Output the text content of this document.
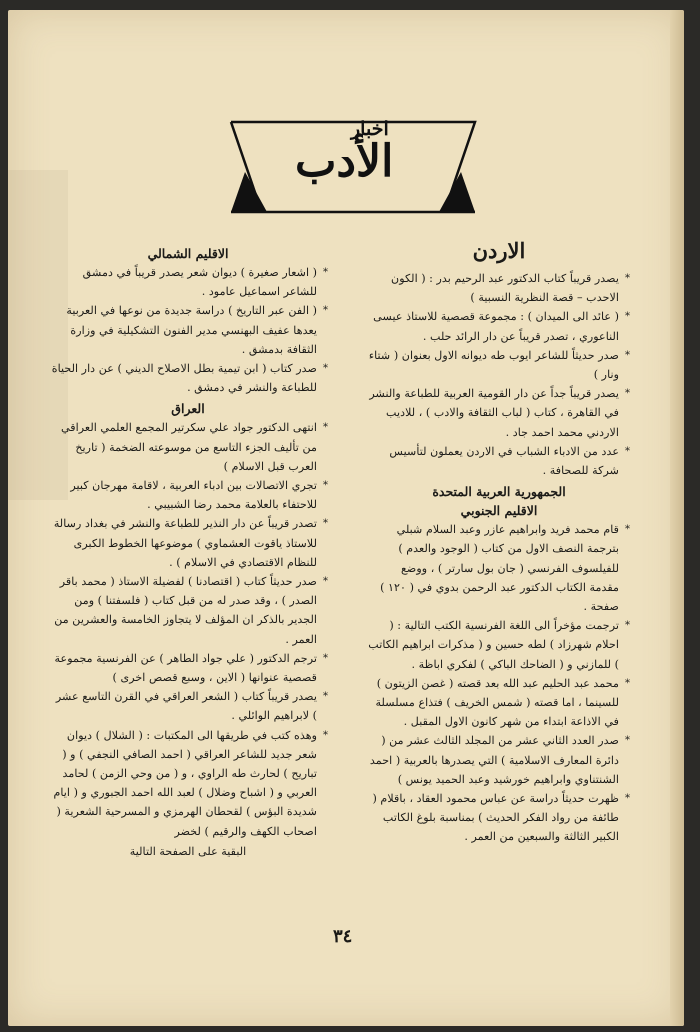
اخبار
الأدب
الاردن
*
يصدر قريباً كتاب الدكتور عبد الرحيم بدر : ( الكون الاحدب – قصة النظرية النسبية )
*
( عائد الى الميدان ) : مجموعة قصصية للاستاذ عيسى الناعوري ، تصدر قريباً عن دار الرائد حلب .
*
صدر حديثاً للشاعر ايوب طه ديوانه الاول بعنوان ( شتاء ونار )
*
يصدر قريباً جداً عن دار القومية العربية للطباعة والنشر في القاهرة ، كتاب ( لباب الثقافة والادب ) ، للاديب الاردني محمد احمد جاد .
*
عدد من الادباء الشباب في الاردن يعملون لتأسيس شركة للصحافة .
الجمهورية العربية المتحدة
الاقليم الجنوبي
*
قام محمد فريد وابراهيم عازر وعبد السلام شبلي بترجمة النصف الاول من كتاب ( الوجود والعدم ) للفيلسوف الفرنسي ( جان بول سارتر ) ، ووضع مقدمة الكتاب الدكتور عبد الرحمن بدوي في ( ١٢٠ ) صفحة .
*
ترجمت مؤخراً الى اللغة الفرنسية الكتب التالية : ( احلام شهرزاد ) لطه حسين و ( مذكرات ابراهيم الكاتب ) للمازني و ( الضاحك الباكي ) لفكري اباظة .
*
محمد عبد الحليم عبد الله بعد قصته ( غصن الزيتون ) للسينما ، اما قصته ( شمس الخريف ) فتذاع مسلسلة في الاذاعة ابتداء من شهر كانون الاول المقبل .
*
صدر العدد الثاني عشر من المجلد الثالث عشر من ( دائرة المعارف الاسلامية ) التي يصدرها بالعربية ( احمد الشنتناوي وابراهيم خورشيد وعبد الحميد يونس )
*
ظهرت حديثاً دراسة عن عباس محمود العقاد ، باقلام ( طائفة من رواد الفكر الحديث ) بمناسبة بلوغ الكاتب الكبير الثالثة والسبعين من العمر .
الاقليم الشمالي
*
( اشعار صغيرة ) ديوان شعر يصدر قريباً في دمشق للشاعر اسماعيل عامود .
*
( الفن عبر التاريخ ) دراسة جديدة من نوعها في العربية يعدها عفيف البهنسي مدير الفنون التشكيلية في وزارة الثقافة بدمشق .
*
صدر كتاب ( ابن تيمية بطل الاصلاح الديني ) عن دار الحياة للطباعة والنشر في دمشق .
العراق
*
انتهى الدكتور جواد علي سكرتير المجمع العلمي العراقي من تأليف الجزء التاسع من موسوعته الضخمة ( تاريخ العرب قبل الاسلام )
*
تجري الاتصالات بين ادباء العربية ، لاقامة مهرجان كبير للاحتفاء بالعلامة محمد رضا الشبيبي .
*
تصدر قريباً عن دار النذير للطباعة والنشر في بغداد رسالة للاستاذ ياقوت العشماوي ) موضوعها الخطوط الكبرى للنظام الاقتصادي في الاسلام ) .
*
صدر حديثاً كتاب ( اقتصادنا ) لفضيلة الاستاذ ( محمد باقر الصدر ) ، وقد صدر له من قبل كتاب ( فلسفتنا ) ومن الجدير بالذكر ان المؤلف لا يتجاوز الخامسة والعشرين من العمر .
*
ترجم الدكتور ( علي جواد الطاهر ) عن الفرنسية مجموعة قصصية عنوانها ( الاين ، وسبع قصص اخرى )
*
يصدر قريباً كتاب ( الشعر العراقي في القرن التاسع عشر ) لابراهيم الوائلي .
*
وهذه كتب في طريقها الى المكتبات : ( الشلال ) ديوان شعر جديد للشاعر العراقي ( احمد الصافي النجفي ) و ( تباريح ) لحارث طه الراوي ، و ( من وحي الزمن ) لحامد العربي و ( اشباح وضلال ) لعبد الله احمد الجبوري و ( ايام شديدة البؤس ) لقحطان الهرمزي و المسرحية الشعرية ( اصحاب الكهف والرقيم ) لخضر
البقية على الصفحة التالية
٣٤
